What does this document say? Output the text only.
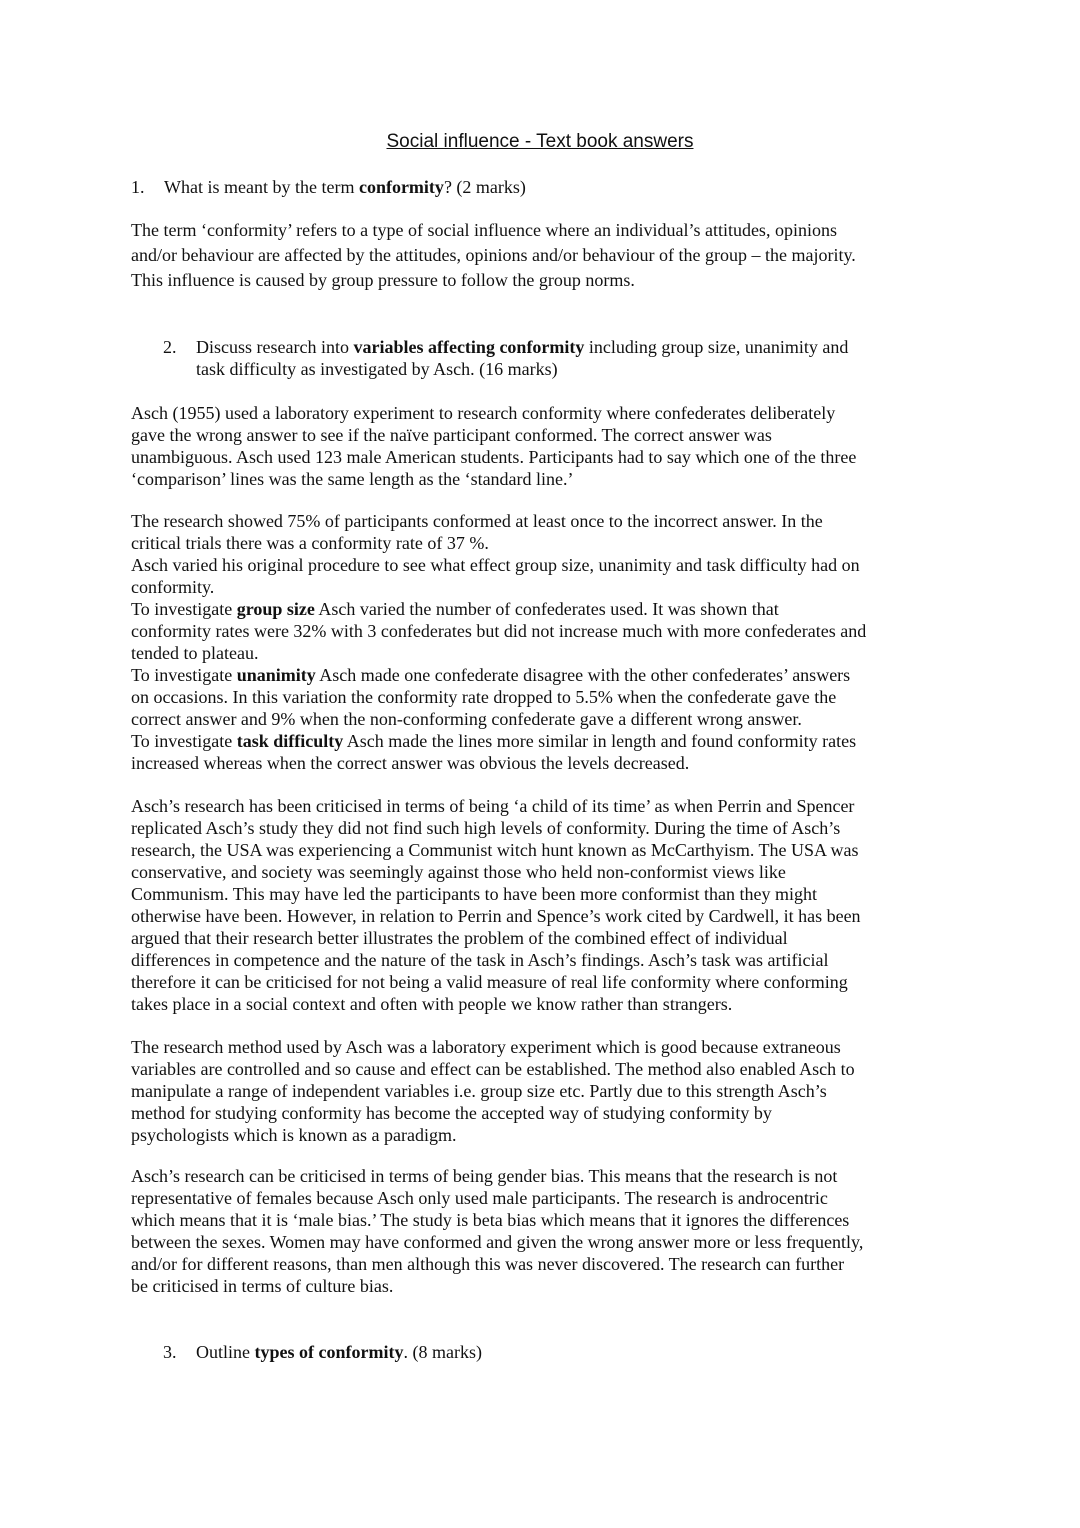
Social influence - Text book answers
1. What is meant by the term conformity? (2 marks)
The term ‘conformity’ refers to a type of social influence where an individual’s attitudes, opinions
and/or behaviour are affected by the attitudes, opinions and/or behaviour of the group – the majority.
This influence is caused by group pressure to follow the group norms.
2. Discuss research into variables affecting conformity including group size, unanimity and
task difficulty as investigated by Asch. (16 marks)
Asch (1955) used a laboratory experiment to research conformity where confederates deliberately
gave the wrong answer to see if the naïve participant conformed. The correct answer was
unambiguous. Asch used 123 male American students. Participants had to say which one of the three
‘comparison’ lines was the same length as the ‘standard line.’
The research showed 75% of participants conformed at least once to the incorrect answer. In the
critical trials there was a conformity rate of 37 %.
Asch varied his original procedure to see what effect group size, unanimity and task difficulty had on
conformity.
To investigate group size Asch varied the number of confederates used. It was shown that
conformity rates were 32% with 3 confederates but did not increase much with more confederates and
tended to plateau.
To investigate unanimity Asch made one confederate disagree with the other confederates’ answers
on occasions. In this variation the conformity rate dropped to 5.5% when the confederate gave the
correct answer and 9% when the non-conforming confederate gave a different wrong answer.
To investigate task difficulty Asch made the lines more similar in length and found conformity rates
increased whereas when the correct answer was obvious the levels decreased.
Asch’s research has been criticised in terms of being ‘a child of its time’ as when Perrin and Spencer
replicated Asch’s study they did not find such high levels of conformity. During the time of Asch’s
research, the USA was experiencing a Communist witch hunt known as McCarthyism. The USA was
conservative, and society was seemingly against those who held non-conformist views like
Communism. This may have led the participants to have been more conformist than they might
otherwise have been. However, in relation to Perrin and Spence’s work cited by Cardwell, it has been
argued that their research better illustrates the problem of the combined effect of individual
differences in competence and the nature of the task in Asch’s findings. Asch’s task was artificial
therefore it can be criticised for not being a valid measure of real life conformity where conforming
takes place in a social context and often with people we know rather than strangers.
The research method used by Asch was a laboratory experiment which is good because extraneous
variables are controlled and so cause and effect can be established. The method also enabled Asch to
manipulate a range of independent variables i.e. group size etc. Partly due to this strength Asch’s
method for studying conformity has become the accepted way of studying conformity by
psychologists which is known as a paradigm.
Asch’s research can be criticised in terms of being gender bias. This means that the research is not
representative of females because Asch only used male participants. The research is androcentric
which means that it is ‘male bias.’ The study is beta bias which means that it ignores the differences
between the sexes. Women may have conformed and given the wrong answer more or less frequently,
and/or for different reasons, than men although this was never discovered. The research can further
be criticised in terms of culture bias.
3. Outline types of conformity. (8 marks)
